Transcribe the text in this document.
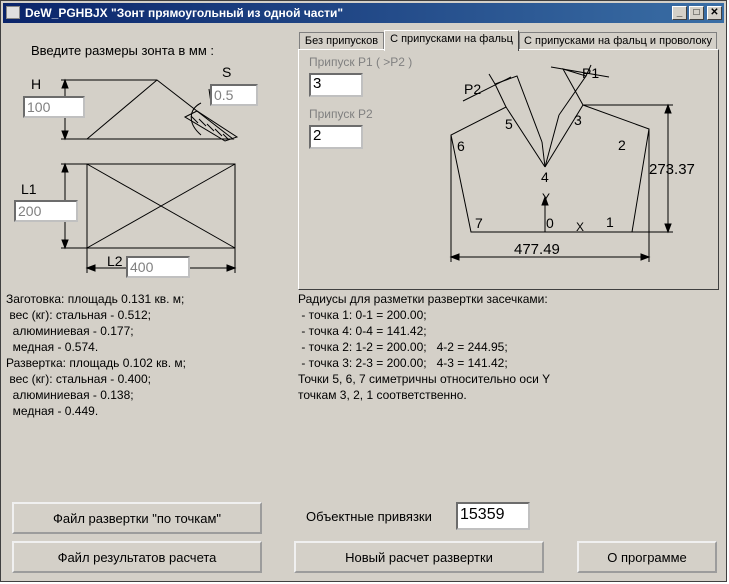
DeW_PGHBJX "Зонт прямоугольный из одной части"	_	□	✕
Введите размеры зонта в мм :
H
100
S
0.5
L1
200
L2 400
Без припусков	С припусками на фальц	С припусками на фальц и проволоку
Припуск Р1 ( >Р2 )
3
Припуск Р2
2
P2
P1
1
2
3
4
5
6
7	0
Y
X
273.37
477.49
Заготовка: площадь 0.131 кв. м;
вес (кг): стальная - 0.512;
алюминиевая - 0.177;
медная - 0.574.
Развертка: площадь 0.102 кв. м;
вес (кг): стальная - 0.400;
алюминиевая - 0.138;
медная - 0.449.
Радиусы для разметки развертки засечками:
- точка 1: 0-1 = 200.00;
- точка 4: 0-4 = 141.42;
- точка 2: 1-2 = 200.00;   4-2 = 244.95;
- точка 3: 2-3 = 200.00;   4-3 = 141.42;
Точки 5, 6, 7 симетричны относительно оси Y
точкам 3, 2, 1 соответственно.
Объектные привязки 15359
Файл развертки "по точкам"
Файл результатов расчета	Новый расчет развертки	О программе
